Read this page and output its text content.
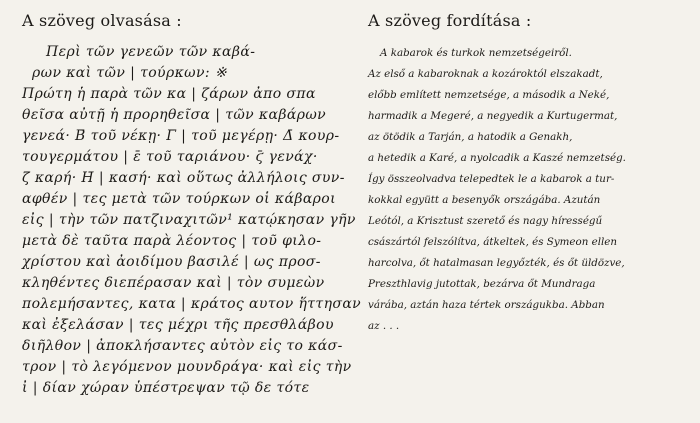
A szöveg olvasása :
Περὶ τῶν γενεῶν τῶν καβά-
ρων καὶ τῶν | τούρκων: ※
Πρώτη ἡ παρὰ τῶν κα | ζάρων ἀπο σπα
θεῖσα αὐτῇ ἡ προρηθεῖσα | τῶν καβάρων
γενεά· Β̄ τοῦ νέκῃ· Γ̄ | τοῦ μεγέρῃ· Δ̄ κουρ-
τουγερμάτου | ε̄ τοῦ ταριάνου· ϛ̄ γενάχ·
ζ̄ καρή· Η̄ | κασή· καὶ οὕτως ἀλλήλοις συν-
αφθέν | τες μετὰ τῶν τούρκων οἱ κάβαροι
εἰς | τὴν τῶν πατζιναχιτῶν¹ κατῴκησαν γῆν
μετὰ δὲ ταῦτα παρὰ λέοντος | τοῦ φιλο-
χρίστου καὶ ἀοιδίμου βασιλέ | ως προσ-
κληθέντες διεπέρασαν καὶ | τὸν συμεὼν
πολεμήσαντες, κατα | κράτος αυτον ἥττησαν
καὶ ἐξελάσαν | τες μέχρι τῆς πρεσθλάβου
διῆλθον | ἀποκλήσαντες αὐτὸν εἰς το κάσ-
τρον | τὸ λεγόμενον μουνδράγα· καὶ εἰς τὴν
ἰ | δίαν χώραν ὑπέστρεψαν τῷ δε τότε
A szöveg fordítása :
A kabarok és turkok nemzetségeiről.
Az első a kabaroknak a kozároktól elszakadt,
előbb említett nemzetsége, a második a Neké,
harmadik a Megeré, a negyedik a Kurtugermat,
az ötödik a Tarján, a hatodik a Genakh,
a hetedik a Karé, a nyolcadik a Kaszé nemzetség.
Így összeolvadva telepedtek le a kabarok a tur-
kokkal együtt a besenyők országába. Azután
Leótól, a Krisztust szerető és nagy hírességű
császártól felszólítva, átkeltek, és Symeon ellen
harcolva, őt hatalmasan legyőzték, és őt üldözve,
Preszthlavig jutottak, bezárva őt Mundraga
várába, aztán haza tértek országukba. Abban
az . . .
